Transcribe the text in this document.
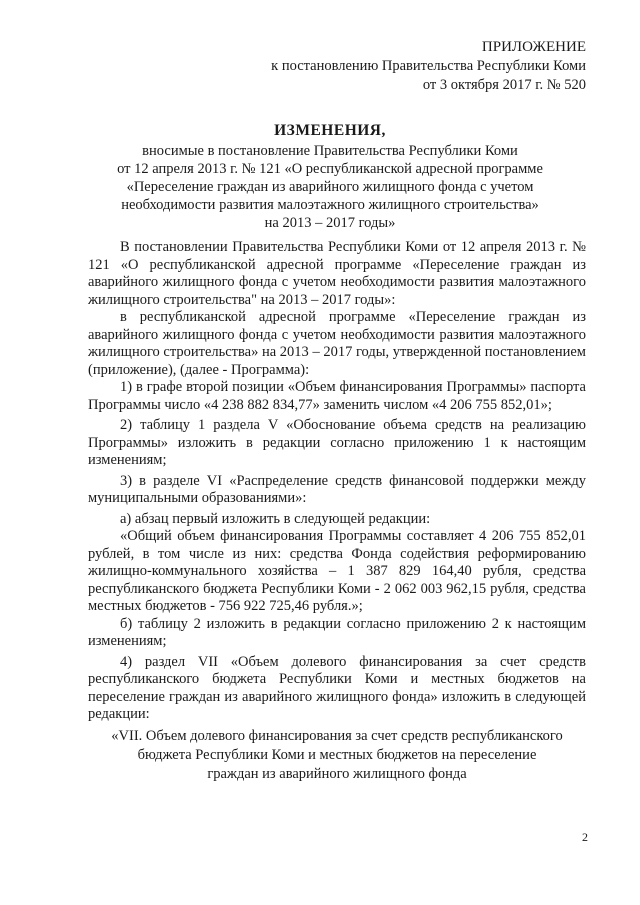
ПРИЛОЖЕНИЕ
к постановлению Правительства Республики Коми
от 3 октября 2017 г. № 520
ИЗМЕНЕНИЯ,
вносимые в постановление Правительства Республики Коми
от 12 апреля 2013 г. № 121 «О республиканской адресной программе
«Переселение граждан из аварийного жилищного фонда с учетом
необходимости развития малоэтажного жилищного строительства»
на 2013 – 2017 годы»

В постановлении Правительства Республики Коми от 12 апреля 2013 г. № 121 «О республиканской адресной программе «Переселение граждан из аварийного жилищного фонда с учетом необходимости развития малоэтажного жилищного строительства" на 2013 – 2017 годы»:

в республиканской адресной программе «Переселение граждан из аварийного жилищного фонда с учетом необходимости развития малоэтажного жилищного строительства» на 2013 – 2017 годы, утвержденной постановлением (приложение), (далее - Программа):

1) в графе второй позиции «Объем финансирования Программы» паспорта Программы число «4 238 882 834,77» заменить числом «4 206 755 852,01»;

2) таблицу 1 раздела V «Обоснование объема средств на реализацию Программы» изложить в редакции согласно приложению 1 к настоящим изменениям;

3) в разделе VI «Распределение средств финансовой поддержки между муниципальными образованиями»:

а) абзац первый изложить в следующей редакции:

«Общий объем финансирования Программы составляет 4 206 755 852,01 рублей, в том числе из них: средства Фонда содействия реформированию жилищно-коммунального хозяйства – 1 387 829 164,40 рубля, средства республиканского бюджета Республики Коми - 2 062 003 962,15 рубля, средства местных бюджетов - 756 922 725,46 рубля.»;

б) таблицу 2 изложить в редакции согласно приложению 2 к настоящим изменениям;

4) раздел VII «Объем долевого финансирования за счет средств республиканского бюджета Республики Коми и местных бюджетов на переселение граждан из аварийного жилищного фонда» изложить в следующей редакции:

«VII. Объем долевого финансирования за счет средств республиканского
бюджета Республики Коми и местных бюджетов на переселение
граждан из аварийного жилищного фонда
2
